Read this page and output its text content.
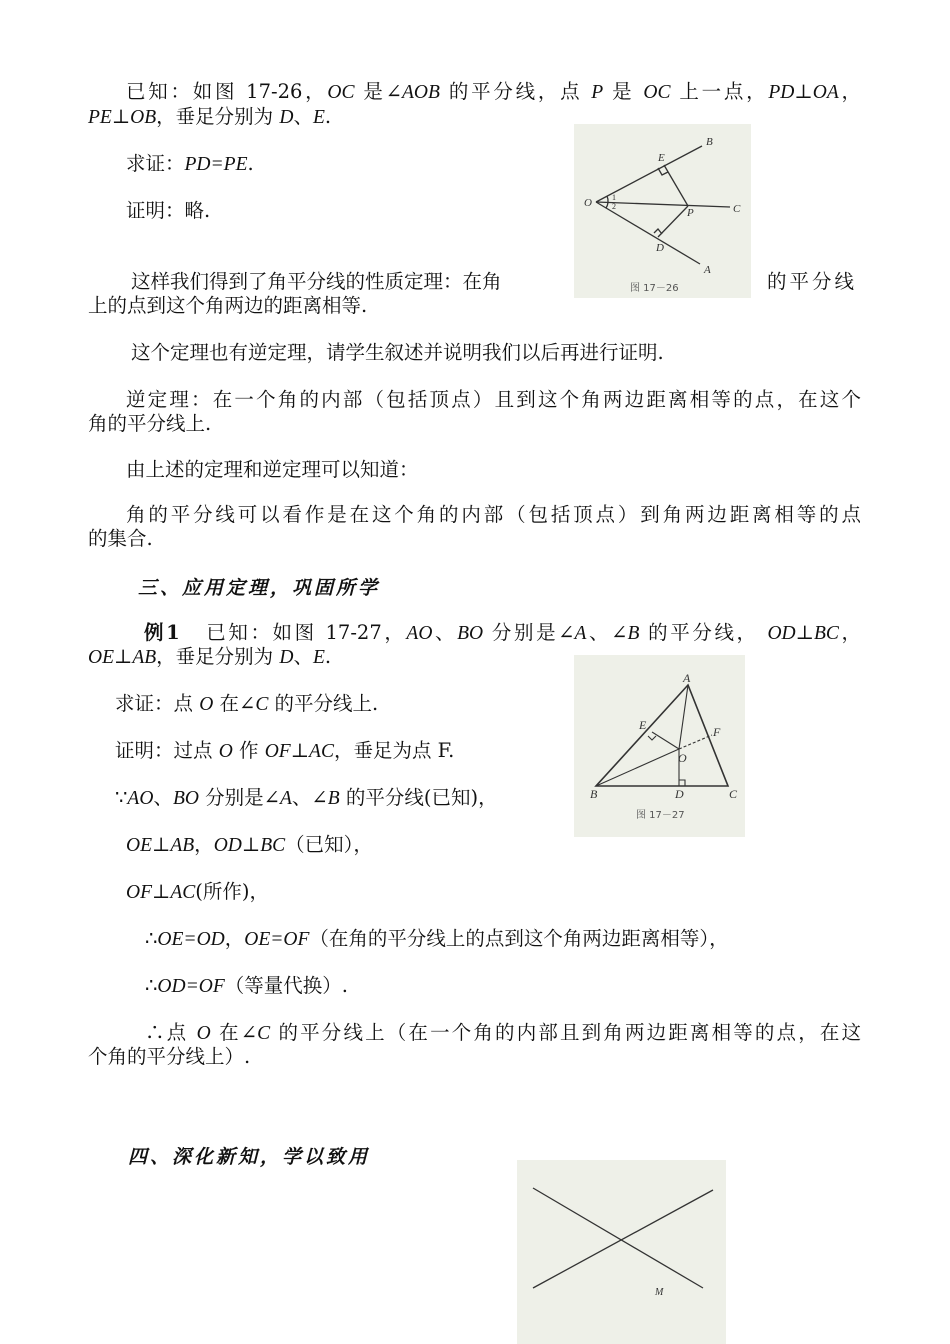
已知：如图 17-26，OC 是∠AOB 的平分线，点 P 是 OC 上一点，PD⊥OA，
PE⊥OB，垂足分别为 D、E.
求证：PD=PE.
证明：略.
这样我们得到了角平分线的性质定理：在角	的平分线
上的点到这个角两边的距离相等.
这个定理也有逆定理，请学生叙述并说明我们以后再进行证明.
逆定理：在一个角的内部（包括顶点）且到这个角两边距离相等的点，在这个
角的平分线上.
由上述的定理和逆定理可以知道：
角的平分线可以看作是在这个角的内部（包括顶点）到角两边距离相等的点
的集合.
三、应用定理，巩固所学
例1 已知：如图 17-27，AO、BO 分别是∠A、∠B 的平分线， OD⊥BC，
OE⊥AB，垂足分别为 D、E.
求证：点 O 在∠C 的平分线上.
证明：过点 O 作 OF⊥AC，垂足为点 F.
∵AO、BO 分别是∠A、∠B 的平分线(已知)，
OE⊥AB，OD⊥BC（已知），
OF⊥AC(所作)，
∴OE=OD，OE=OF（在角的平分线上的点到这个角两边距离相等），
∴OD=OF（等量代换）.
∴点 O 在∠C 的平分线上（在一个角的内部且到角两边距离相等的点，在这
个角的平分线上）.
四、深化新知，学以致用
O
A
B
C
D
E
P
1
2
图 17－26
A
B	C
D
E	F
O
图 17－27
M
